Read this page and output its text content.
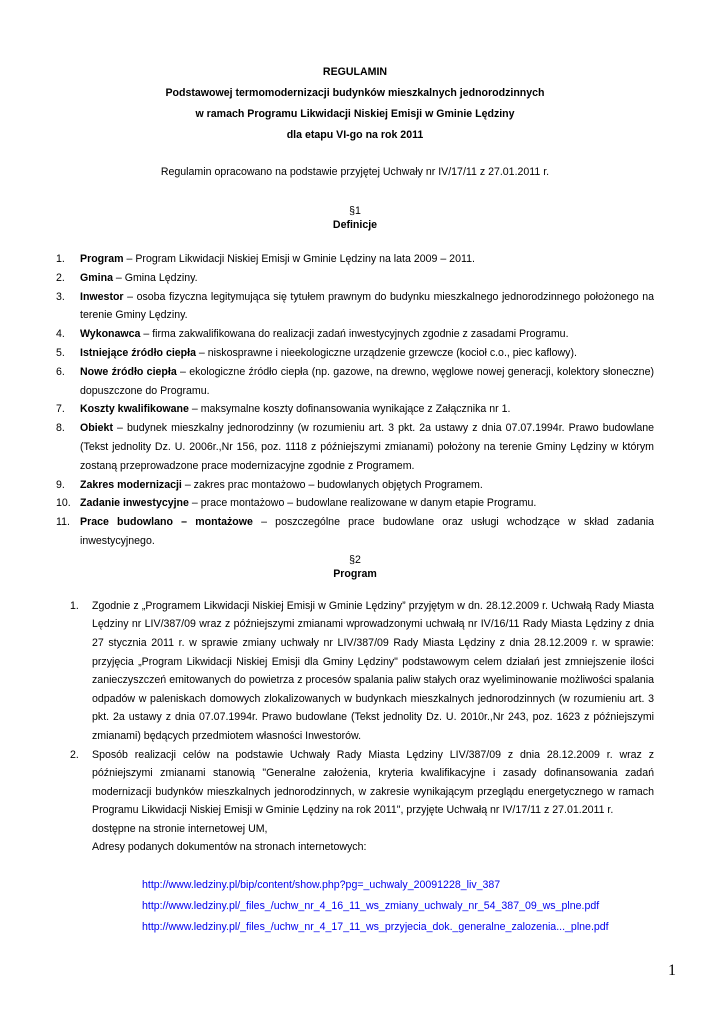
REGULAMIN
Podstawowej termomodernizacji budynków mieszkalnych jednorodzinnych
w ramach Programu Likwidacji Niskiej Emisji w Gminie Lędziny
dla etapu VI-go na rok 2011
Regulamin opracowano na podstawie przyjętej Uchwały nr IV/17/11 z 27.01.2011 r.
§1
Definicje
1. Program – Program Likwidacji Niskiej Emisji w Gminie Lędziny na lata 2009 – 2011.
2. Gmina – Gmina Lędziny.
3. Inwestor – osoba fizyczna legitymująca się tytułem prawnym do budynku mieszkalnego jednorodzinnego położonego na terenie Gminy Lędziny.
4. Wykonawca – firma zakwalifikowana do realizacji zadań inwestycyjnych zgodnie z zasadami Programu.
5. Istniejące źródło ciepła – niskosprawne i nieekologiczne urządzenie grzewcze (kocioł c.o., piec kaflowy).
6. Nowe źródło ciepła – ekologiczne źródło ciepła (np. gazowe, na drewno, węglowe nowej generacji, kolektory słoneczne) dopuszczone do Programu.
7. Koszty kwalifikowane – maksymalne koszty dofinansowania wynikające z Załącznika nr 1.
8. Obiekt – budynek mieszkalny jednorodzinny (w rozumieniu art. 3 pkt. 2a ustawy z dnia 07.07.1994r. Prawo budowlane (Tekst jednolity Dz. U. 2006r.,Nr 156, poz. 1118 z późniejszymi zmianami) położony na terenie Gminy Lędziny w którym zostaną przeprowadzone prace modernizacyjne zgodnie z Programem.
9. Zakres modernizacji – zakres prac montażowo – budowlanych objętych Programem.
10. Zadanie inwestycyjne – prace montażowo – budowlane realizowane w danym etapie Programu.
11. Prace budowlano – montażowe – poszczególne prace budowlane oraz usługi wchodzące w skład zadania inwestycyjnego.
§2
Program
1. Zgodnie z „Programem Likwidacji Niskiej Emisji w Gminie Lędziny” przyjętym w dn. 28.12.2009 r. Uchwałą Rady Miasta Lędziny nr LIV/387/09 wraz z późniejszymi zmianami wprowadzonymi uchwałą nr IV/16/11 Rady Miasta Lędziny z dnia 27 stycznia 2011 r. w sprawie zmiany uchwały nr LIV/387/09 Rady Miasta Lędziny z dnia 28.12.2009 r. w sprawie: przyjęcia „Program Likwidacji Niskiej Emisji dla Gminy Lędziny" podstawowym celem działań jest zmniejszenie ilości zanieczyszczeń emitowanych do powietrza z procesów spalania paliw stałych oraz wyeliminowanie możliwości spalania odpadów w paleniskach domowych zlokalizowanych w budynkach mieszkalnych jednorodzinnych (w rozumieniu art. 3 pkt. 2a ustawy z dnia 07.07.1994r. Prawo budowlane (Tekst jednolity Dz. U. 2010r.,Nr 243, poz. 1623 z późniejszymi zmianami) będących przedmiotem własności Inwestorów.
2. Sposób realizacji celów na podstawie Uchwały Rady Miasta Lędziny LIV/387/09 z dnia 28.12.2009 r. wraz z późniejszymi zmianami stanowią "Generalne założenia, kryteria kwalifikacyjne i zasady dofinansowania zadań modernizacji budynków mieszkalnych jednorodzinnych, w zakresie wynikającym przeglądu energetycznego w ramach Programu Likwidacji Niskiej Emisji w Gminie Lędziny na rok 2011", przyjęte Uchwałą nr IV/17/11 z 27.01.2011 r.
dostępne na stronie internetowej UM,
Adresy podanych dokumentów na stronach internetowych:
http://www.ledziny.pl/bip/content/show.php?pg=_uchwaly_20091228_liv_387
http://www.ledziny.pl/_files_/uchw_nr_4_16_11_ws_zmiany_uchwaly_nr_54_387_09_ws_plne.pdf
http://www.ledziny.pl/_files_/uchw_nr_4_17_11_ws_przyjecia_dok._generalne_zalozenia..._plne.pdf
1
